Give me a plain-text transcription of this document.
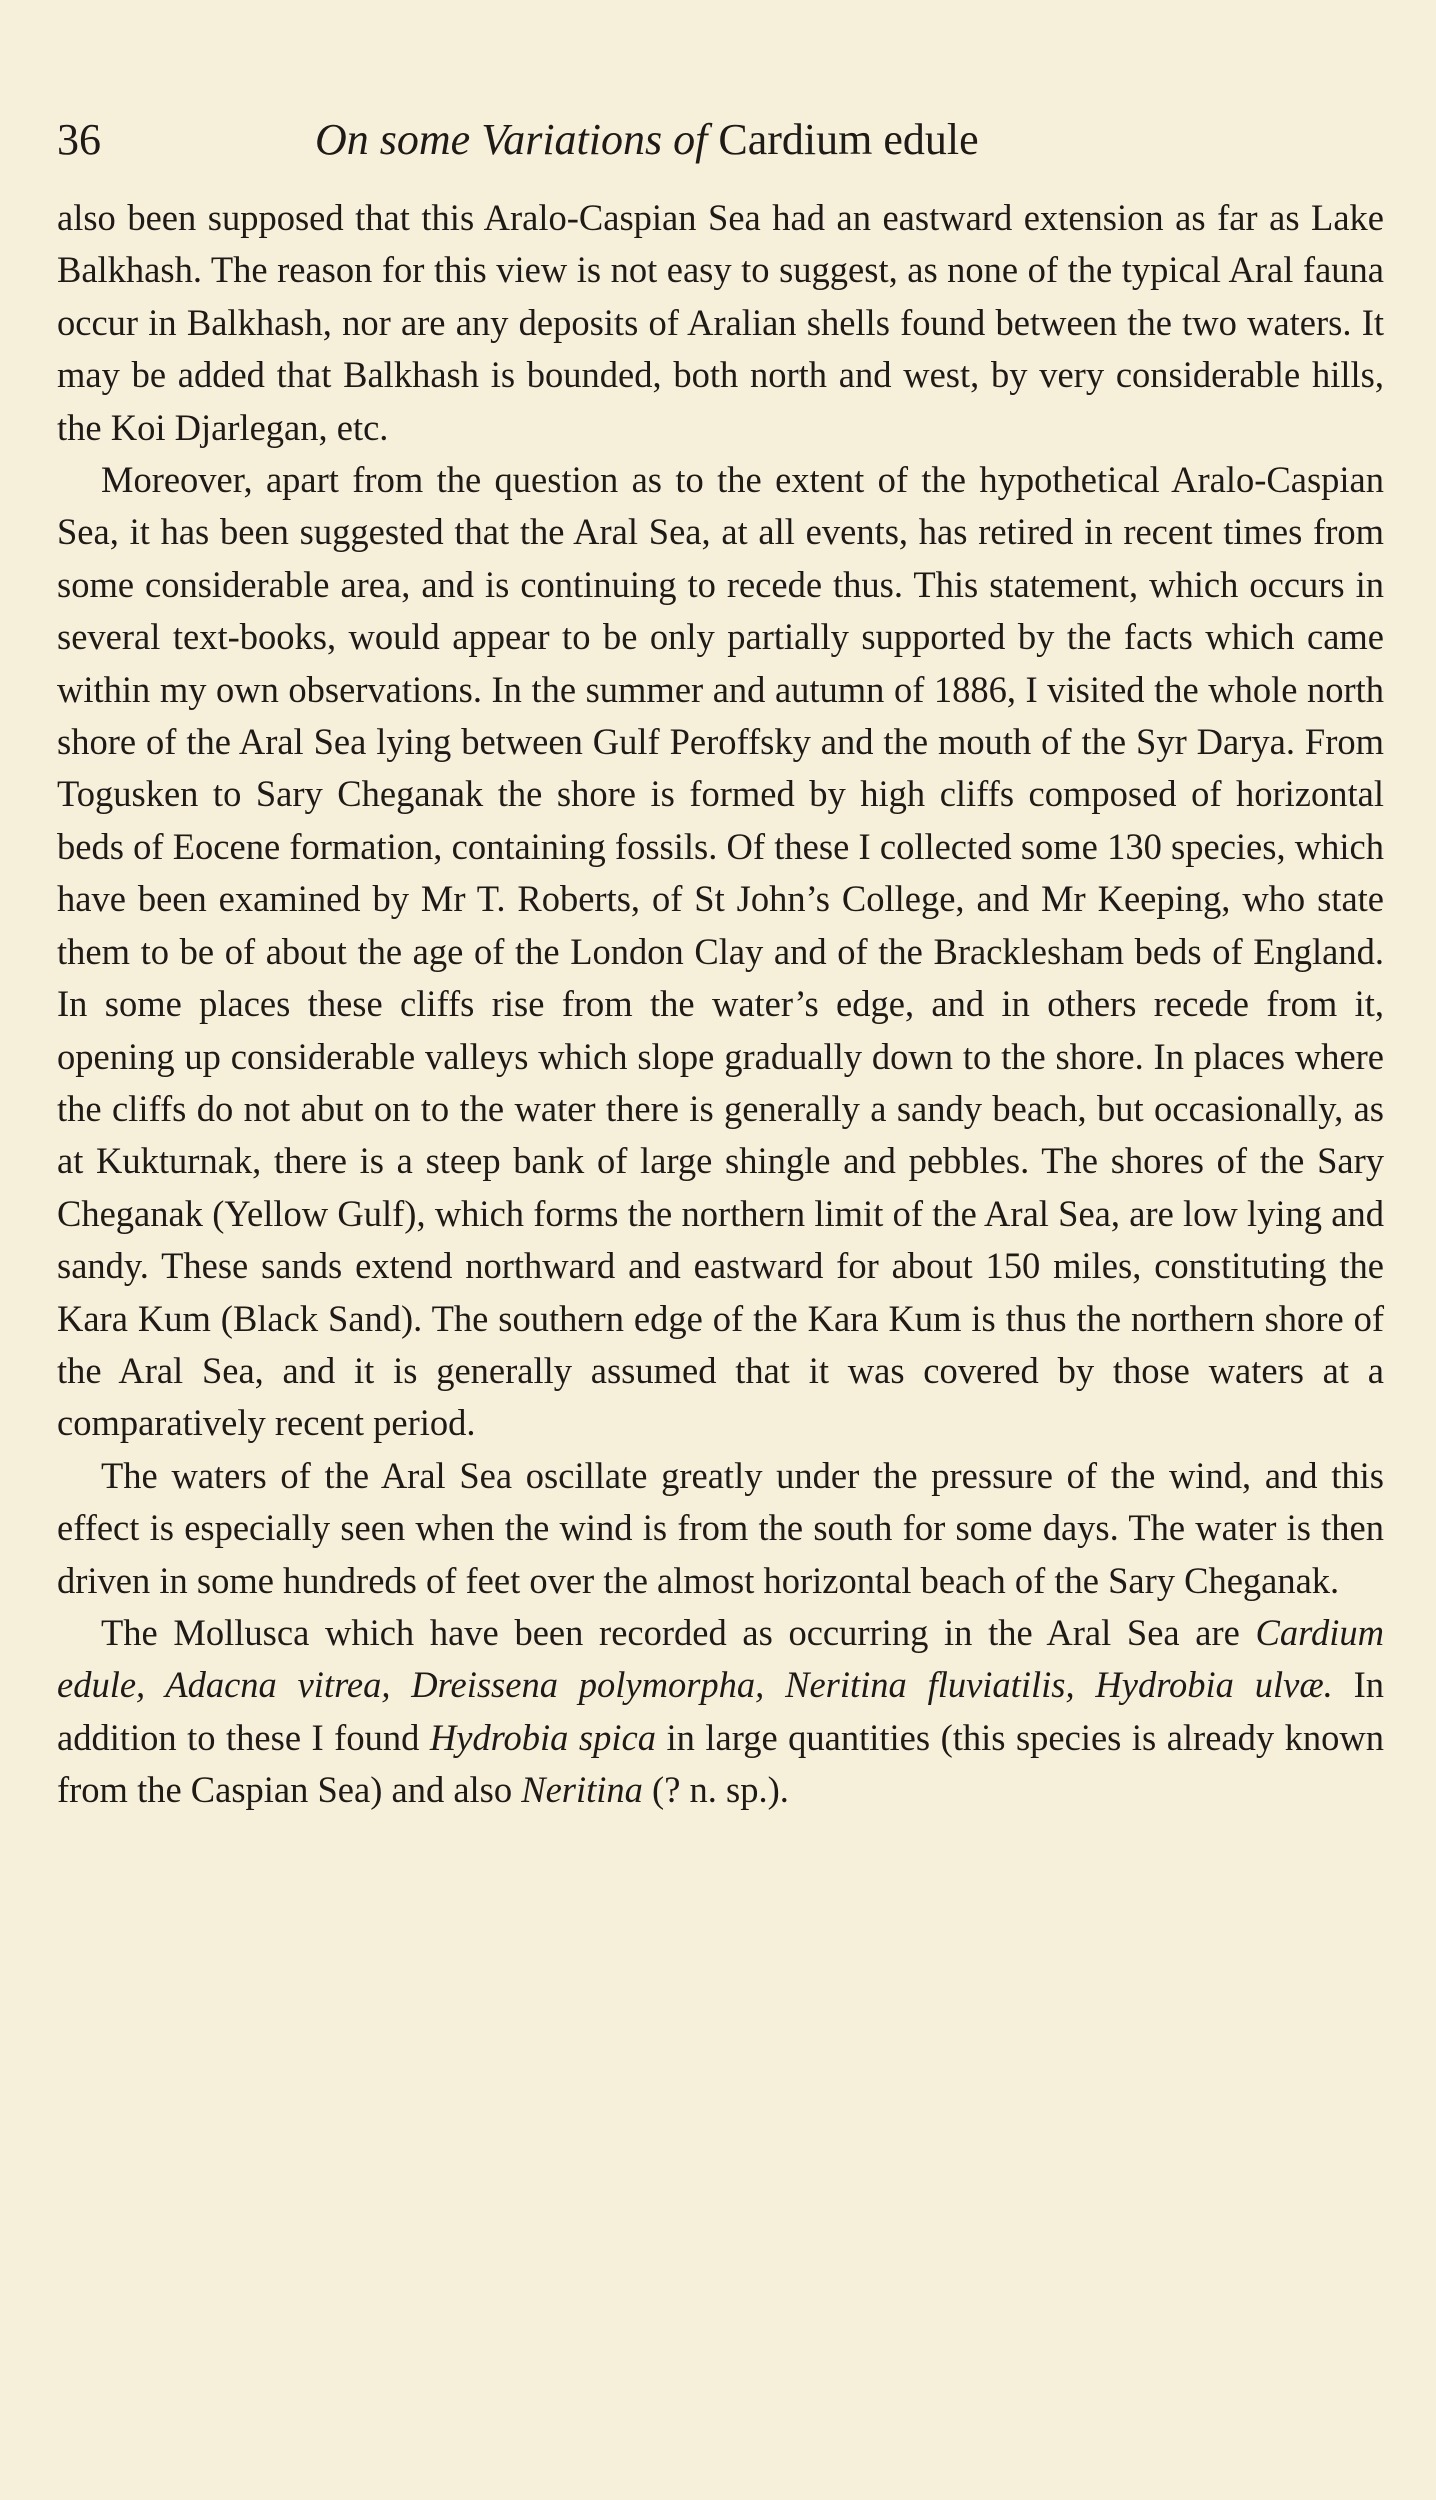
36	On some Variations of Cardium edule

also been supposed that this Aralo-Caspian Sea had an eastward extension as far as Lake Balkhash. The reason for this view is not easy to suggest, as none of the typical Aral fauna occur in Balkhash, nor are any deposits of Aralian shells found between the two waters. It may be added that Balkhash is bounded, both north and west, by very considerable hills, the Koi Djarlegan, etc.

Moreover, apart from the question as to the extent of the hypothetical Aralo-Caspian Sea, it has been suggested that the Aral Sea, at all events, has retired in recent times from some considerable area, and is continuing to recede thus. This statement, which occurs in several text-books, would appear to be only partially supported by the facts which came within my own observations. In the summer and autumn of 1886, I visited the whole north shore of the Aral Sea lying between Gulf Peroffsky and the mouth of the Syr Darya. From Togusken to Sary Cheganak the shore is formed by high cliffs composed of horizontal beds of Eocene formation, containing fossils. Of these I collected some 130 species, which have been examined by Mr T. Roberts, of St John’s College, and Mr Keeping, who state them to be of about the age of the London Clay and of the Bracklesham beds of England. In some places these cliffs rise from the water’s edge, and in others recede from it, opening up considerable valleys which slope gradually down to the shore. In places where the cliffs do not abut on to the water there is generally a sandy beach, but occasionally, as at Kukturnak, there is a steep bank of large shingle and pebbles. The shores of the Sary Cheganak (Yellow Gulf), which forms the northern limit of the Aral Sea, are low lying and sandy. These sands extend northward and eastward for about 150 miles, constituting the Kara Kum (Black Sand). The southern edge of the Kara Kum is thus the northern shore of the Aral Sea, and it is generally assumed that it was covered by those waters at a comparatively recent period.

The waters of the Aral Sea oscillate greatly under the pressure of the wind, and this effect is especially seen when the wind is from the south for some days. The water is then driven in some hundreds of feet over the almost horizontal beach of the Sary Cheganak.

The Mollusca which have been recorded as occurring in the Aral Sea are Cardium edule, Adacna vitrea, Dreissena polymorpha, Neritina fluviatilis, Hydrobia ulvæ. In addition to these I found Hydrobia spica in large quantities (this species is already known from the Caspian Sea) and also Neritina (? n. sp.).
